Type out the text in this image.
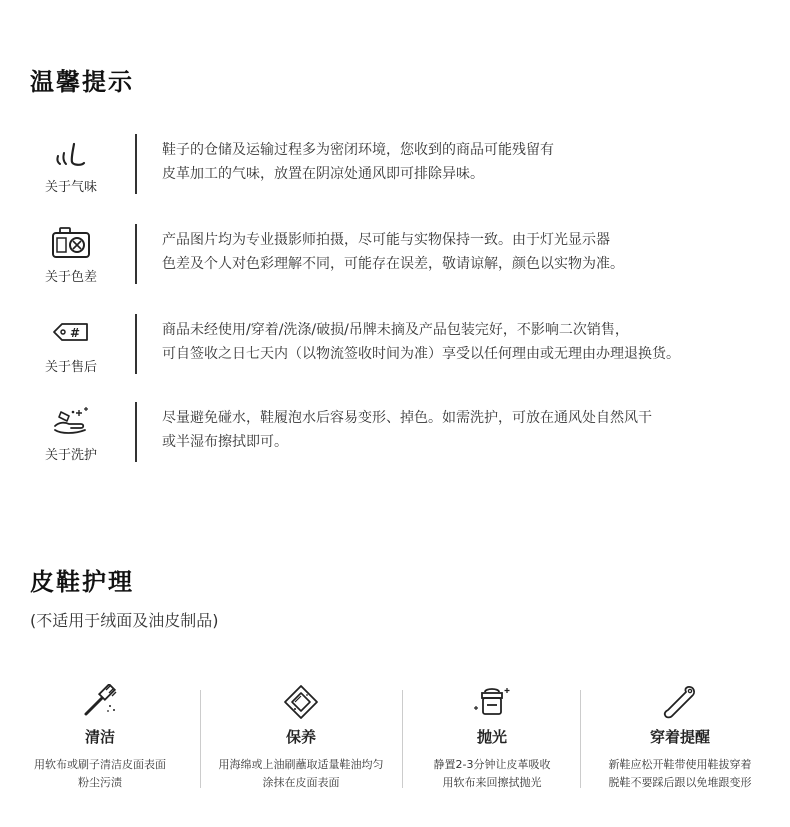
温馨提示
关于气味

鞋子的仓储及运输过程多为密闭环境，您收到的商品可能残留有

皮革加工的气味，放置在阴凉处通风即可排除异味。

关于色差

产品图片均为专业摄影师拍摄，尽可能与实物保持一致。由于灯光显示器

色差及个人对色彩理解不同，可能存在误差，敬请谅解，颜色以实物为准。

#
关于售后

商品未经使用/穿着/洗涤/破损/吊牌未摘及产品包装完好，不影响二次销售，

可自签收之日七天内（以物流签收时间为准）享受以任何理由或无理由办理退换货。

关于洗护

尽量避免碰水，鞋履泡水后容易变形、掉色。如需洗护，可放在通风处自然风干

或半湿布擦拭即可。

皮鞋护理
(不适用于绒面及油皮制品)
清洁

用软布或刷子清洁皮面表面

粉尘污渍

保养

用海绵或上油刷蘸取适量鞋油均匀

涂抹在皮面表面

抛光

静置2-3分钟让皮革吸收

用软布来回擦拭抛光

穿着提醒

新鞋应松开鞋带使用鞋拔穿着

脱鞋不要踩后跟以免堆跟变形
